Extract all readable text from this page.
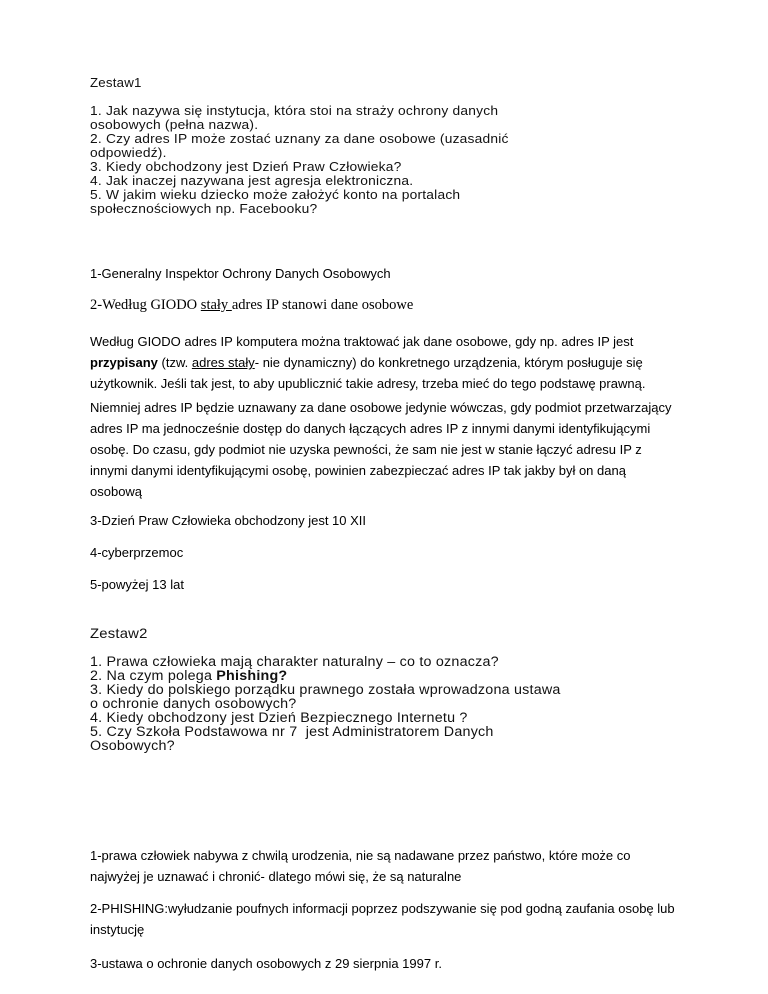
Zestaw1
1. Jak nazywa się instytucja, która stoi na straży ochrony danych
osobowych (pełna nazwa).
2. Czy adres IP może zostać uznany za dane osobowe (uzasadnić
odpowiedź).
3. Kiedy obchodzony jest Dzień Praw Człowieka?
4. Jak inaczej nazywana jest agresja elektroniczna.
5. W jakim wieku dziecko może założyć konto na portalach
społecznościowych np. Facebooku?
1-Generalny Inspektor Ochrony Danych Osobowych
2-Według GIODO stały adres IP stanowi dane osobowe
Według GIODO adres IP komputera można traktować jak dane osobowe, gdy np. adres IP jest
przypisany (tzw. adres stały- nie dynamiczny) do konkretnego urządzenia, którym posługuje się
użytkownik. Jeśli tak jest, to aby upublicznić takie adresy, trzeba mieć do tego podstawę prawną.
Niemniej adres IP będzie uznawany za dane osobowe jedynie wówczas, gdy podmiot przetwarzający adres IP ma jednocześnie dostęp do danych łączących adres IP z innymi danymi identyfikującymi osobę. Do czasu, gdy podmiot nie uzyska pewności, że sam nie jest w stanie łączyć adresu IP z innymi danymi identyfikującymi osobę, powinien zabezpieczać adres IP tak jakby był on daną osobową
3-Dzień Praw Człowieka obchodzony jest 10 XII
4-cyberprzemoc
5-powyżej 13 lat
Zestaw2
1. Prawa człowieka mają charakter naturalny – co to oznacza?
2. Na czym polega Phishing?
3. Kiedy do polskiego porządku prawnego została wprowadzona ustawa
o ochronie danych osobowych?
4. Kiedy obchodzony jest Dzień Bezpiecznego Internetu ?
5. Czy Szkoła Podstawowa nr 7  jest Administratorem Danych
Osobowych?
1-prawa człowiek nabywa z chwilą urodzenia, nie są nadawane przez państwo, które może co najwyżej je uznawać i chronić- dlatego mówi się, że są naturalne
2-PHISHING:wyłudzanie poufnych informacji poprzez podszywanie się pod godną zaufania osobę lub instytucję
3-ustawa o ochronie danych osobowych z 29 sierpnia 1997 r.
